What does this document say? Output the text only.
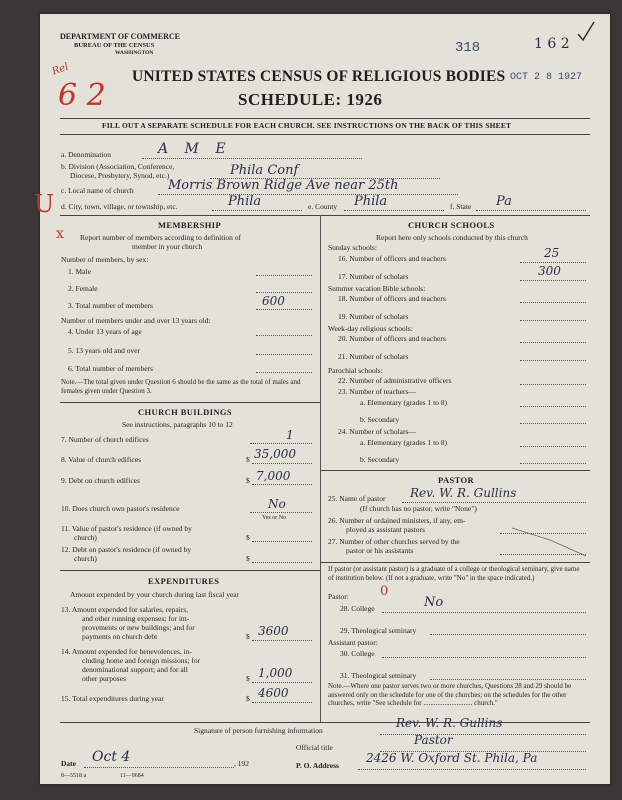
DEPARTMENT OF COMMERCE
BUREAU OF THE CENSUS
WASHINGTON	318	1 6 2
Rel
6 2
UNITED STATES CENSUS OF RELIGIOUS BODIES OCT 2 8 1927
SCHEDULE: 1926
FILL OUT A SEPARATE SCHEDULE FOR EACH CHURCH. SEE INSTRUCTIONS ON THE BACK OF THIS SHEET
a. Denomination	A M E
b. Division (Association, Conference,
Diocese, Presbytery, Synod, etc.)	Phila Conf
c. Local name of church	Morris Brown Ridge Ave near 25th
U d. City, town, village, or township, etc.	Phila	e. County Phila	f. State Pa
MEMBERSHIP
x Report number of members according to definition of
member in your church
Number of members, by sex:
1. Male
2. Female
3. Total number of members	600
Number of members under and over 13 years old:
4. Under 13 years of age
5. 13 years old and over
6. Total number of members
Note.—The total given under Question 6 should be the same as the total of males and females given under Question 3.
CHURCH BUILDINGS
See instructions, paragraphs 10 to 12
7. Number of church edifices	1
8. Value of church edifices	$ 35,000
9. Debt on church edifices	$ 7,000
10. Does church own pastor's residence	No
Yes or No
11. Value of pastor's residence (if owned by
church)	$
12. Debt on pastor's residence (if owned by
church)	$
EXPENDITURES
Amount expended by your church during last fiscal year
13. Amount expended for salaries, repairs,
and other running expenses; for im-
provements or new buildings; and for
payments on church debt	$ 3600
14. Amount expended for benevolences, in-
cluding home and foreign missions; for
denominational support; and for all
other purposes	$ 1,000
15. Total expenditures during year	$ 4600
CHURCH SCHOOLS
Report here only schools conducted by this church
Sunday schools:
16. Number of officers and teachers	25
17. Number of scholars	300
Summer vacation Bible schools:
18. Number of officers and teachers
19. Number of scholars
Week-day religious schools:
20. Number of officers and teachers
21. Number of scholars
Parochial schools:
22. Number of administrative officers
23. Number of teachers—
a. Elementary (grades 1 to 8)
b. Secondary
24. Number of scholars—
a. Elementary (grades 1 to 8)
b. Secondary
PASTOR
25. Name of pastor Rev. W. R. Gullins
(If church has no pastor, write "None")
26. Number of ordained ministers, if any, em-
ployed as assistant pastors
27. Number of other churches served by the
pastor or his assistants
If pastor (or assistant pastor) is a graduate of a college or theological seminary, give name of institution below. (If not a graduate, write "No" in the space indicated.)
Pastor: 0
28. College	No
29. Theological seminary
Assistant pastor:
30. College
31. Theological seminary
Note.—Where one pastor serves two or more churches, Questions 28 and 29 should be answered only on the schedule for one of the churches; on the schedules for the other churches, write "See schedule for ............................ church."
Signature of person furnishing information
Rev. W. R. Gullins
Official title
Pastor
Date Oct 4	, 192	P. O. Address
2426 W. Oxford St. Phila, Pa
8—5518 a	11—9684
